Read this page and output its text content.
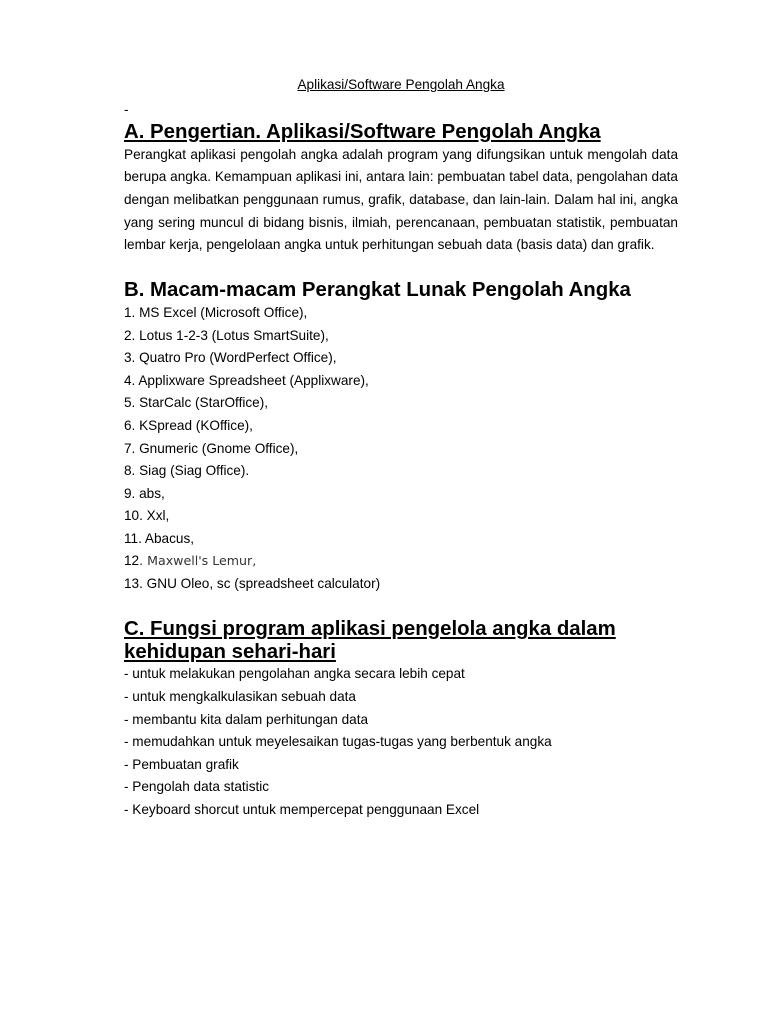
Aplikasi/Software Pengolah Angka
-
A. Pengertian. Aplikasi/Software Pengolah Angka

Perangkat aplikasi pengolah angka adalah program yang difungsikan untuk mengolah data berupa angka. Kemampuan aplikasi ini, antara lain: pembuatan tabel data, pengolahan data dengan melibatkan penggunaan rumus, grafik, database, dan lain-lain. Dalam hal ini, angka yang sering muncul di bidang bisnis, ilmiah, perencanaan, pembuatan statistik, pembuatan lembar kerja, pengelolaan angka untuk perhitungan sebuah data (basis data) dan grafik.

B. Macam-macam Perangkat Lunak Pengolah Angka
1. MS Excel (Microsoft Office),
2. Lotus 1-2-3 (Lotus SmartSuite),
3. Quatro Pro (WordPerfect Office),
4. Applixware Spreadsheet (Applixware),
5. StarCalc (StarOffice),
6. KSpread (KOffice),
7. Gnumeric (Gnome Office),
8. Siag (Siag Office).
9. abs,
10. Xxl,
11. Abacus,
12. Maxwell's Lemur,
13. GNU Oleo, sc (spreadsheet calculator)
C. Fungsi program aplikasi pengelola angka dalam kehidupan sehari-hari
- untuk melakukan pengolahan angka secara lebih cepat
- untuk mengkalkulasikan sebuah data
- membantu kita dalam perhitungan data
- memudahkan untuk meyelesaikan tugas-tugas yang berbentuk angka
- Pembuatan grafik
- Pengolah data statistic
- Keyboard shorcut untuk mempercepat penggunaan Excel
